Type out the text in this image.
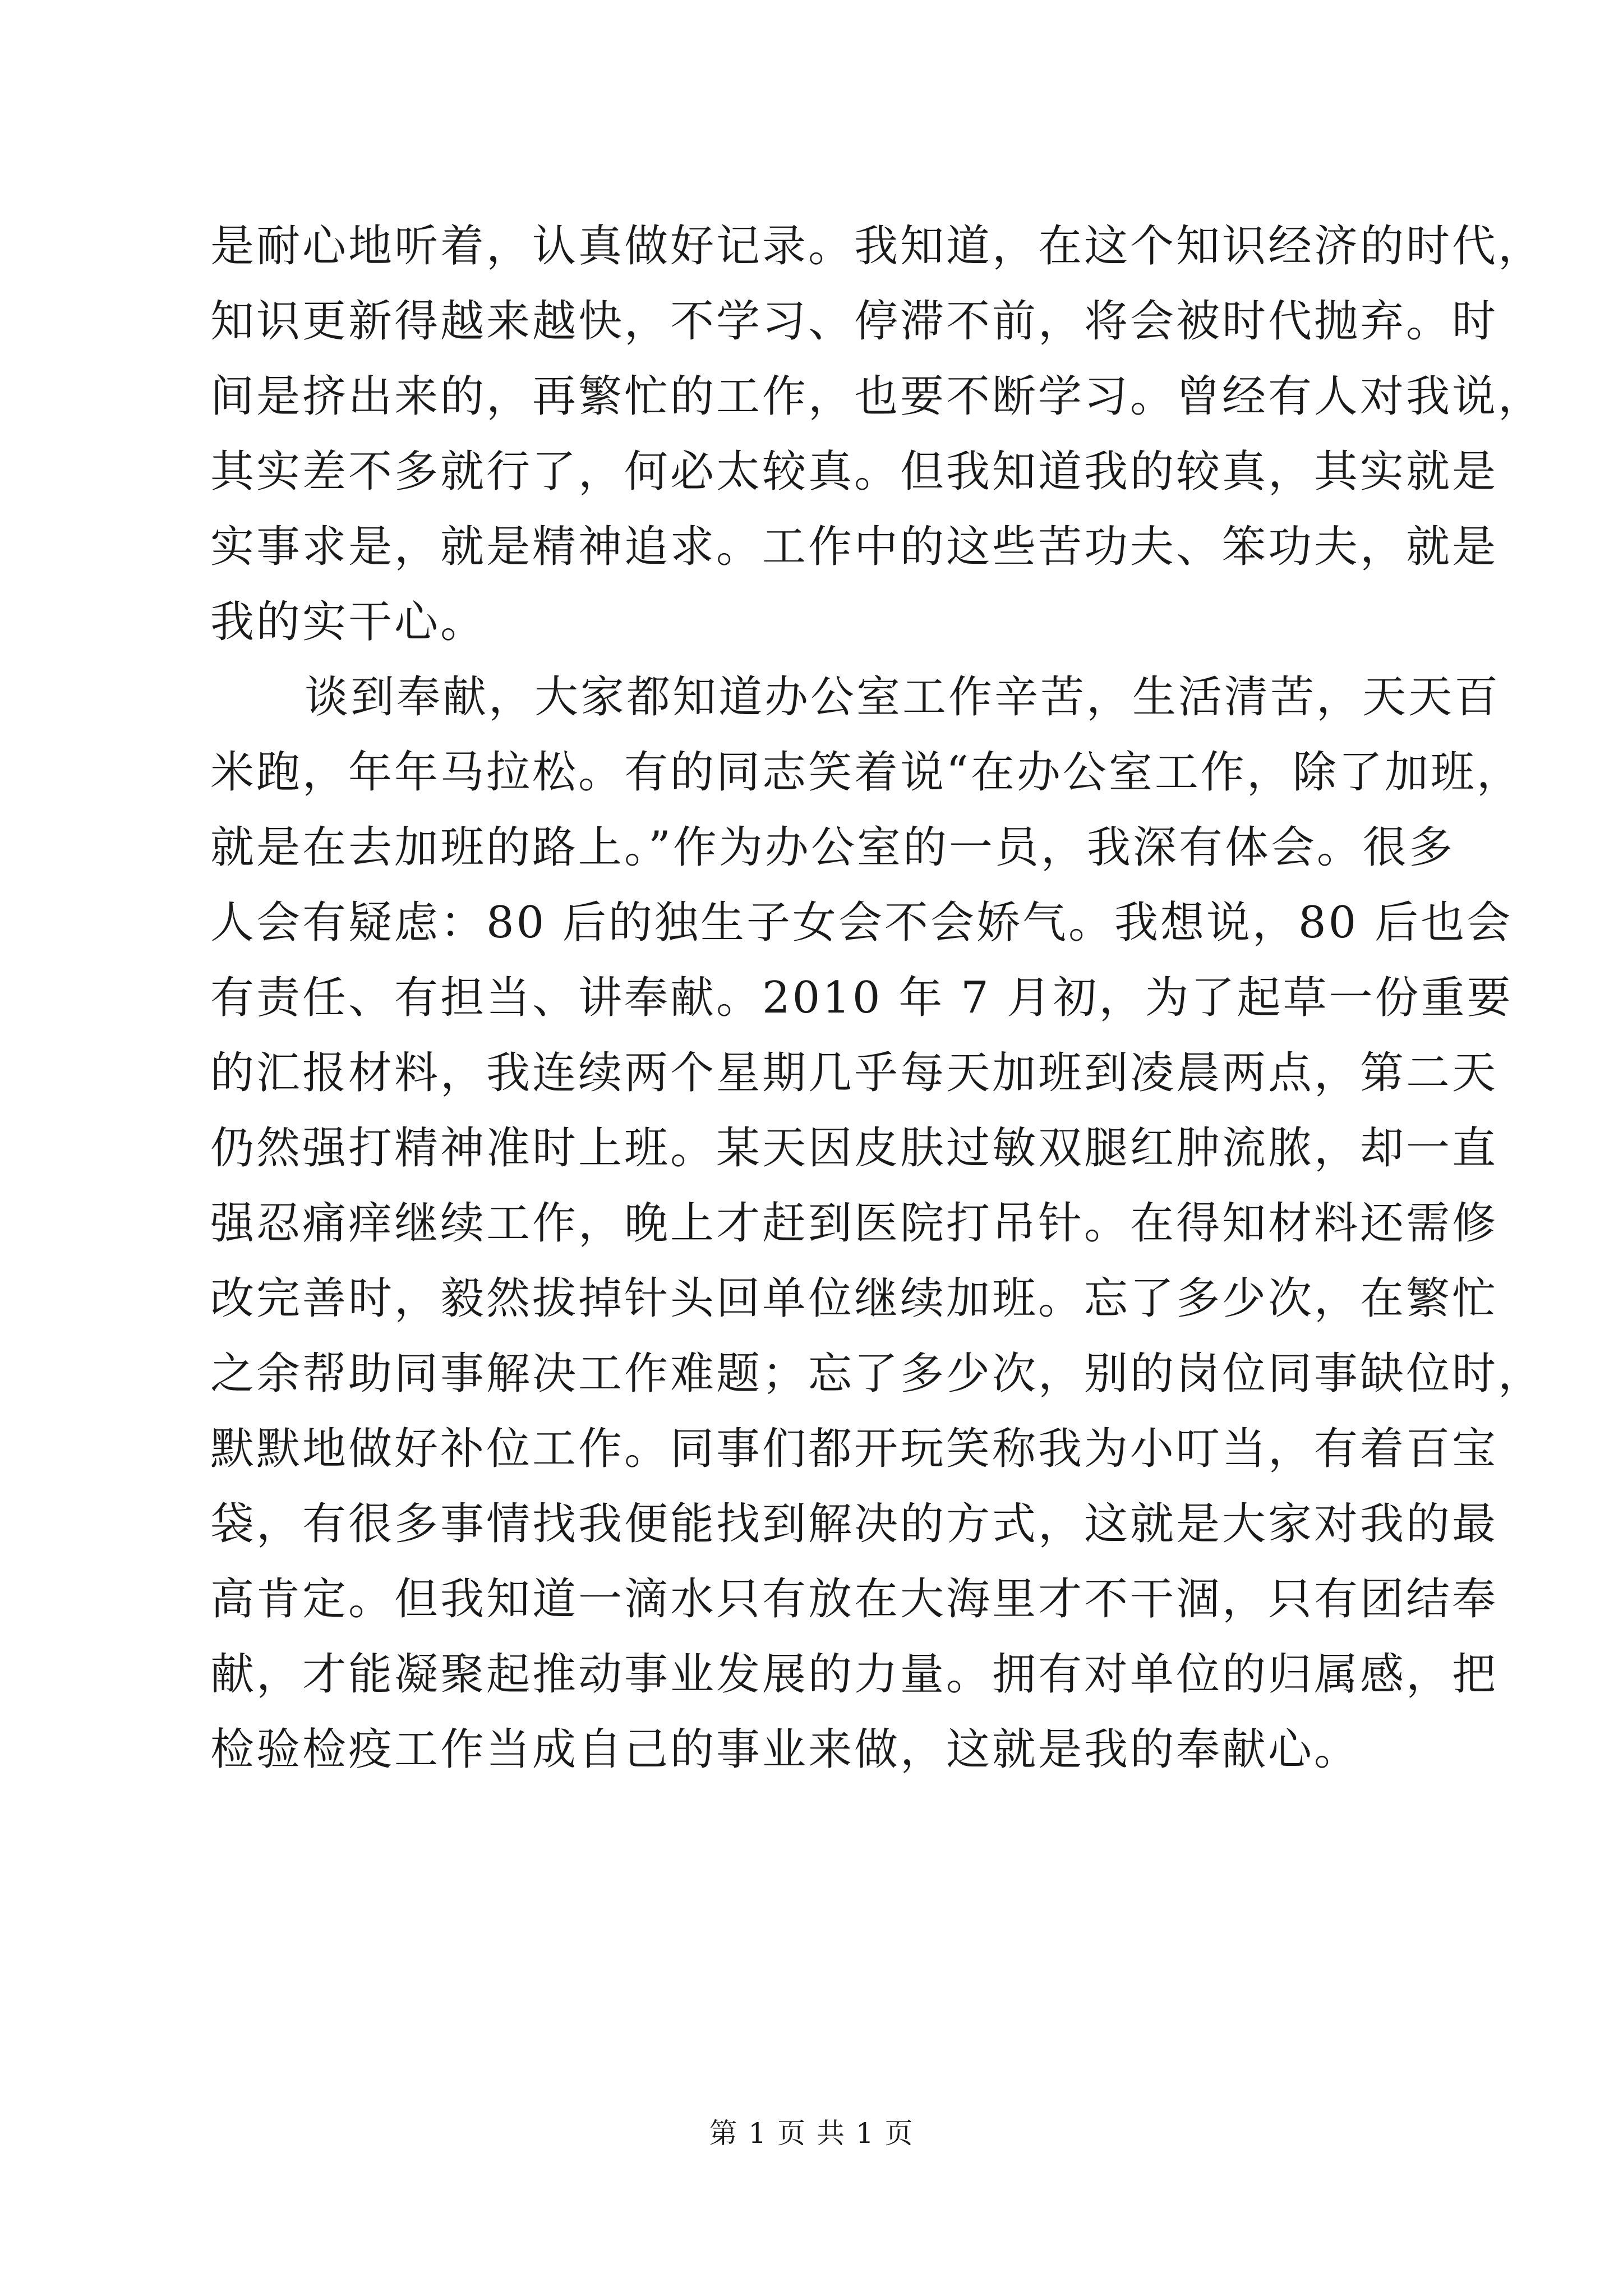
是耐心地听着，认真做好记录。我知道，在这个知识经济的时代，
知识更新得越来越快，不学习、停滞不前，将会被时代抛弃。时
间是挤出来的，再繁忙的工作，也要不断学习。曾经有人对我说，
其实差不多就行了，何必太较真。但我知道我的较真，其实就是
实事求是，就是精神追求。工作中的这些苦功夫、笨功夫，就是
我的实干心。
谈到奉献，大家都知道办公室工作辛苦，生活清苦，天天百
米跑，年年马拉松。有的同志笑着说“在办公室工作，除了加班，
就是在去加班的路上。”作为办公室的一员，我深有体会。很多
人会有疑虑：80 后的独生子女会不会娇气。我想说，80 后也会
有责任、有担当、讲奉献。2010 年 7 月初，为了起草一份重要
的汇报材料，我连续两个星期几乎每天加班到凌晨两点，第二天
仍然强打精神准时上班。某天因皮肤过敏双腿红肿流脓，却一直
强忍痛痒继续工作，晚上才赶到医院打吊针。在得知材料还需修
改完善时，毅然拔掉针头回单位继续加班。忘了多少次，在繁忙
之余帮助同事解决工作难题；忘了多少次，别的岗位同事缺位时，
默默地做好补位工作。同事们都开玩笑称我为小叮当，有着百宝
袋，有很多事情找我便能找到解决的方式，这就是大家对我的最
高肯定。但我知道一滴水只有放在大海里才不干涸，只有团结奉
献，才能凝聚起推动事业发展的力量。拥有对单位的归属感，把
检验检疫工作当成自己的事业来做，这就是我的奉献心。
第 1 页 共 1 页
